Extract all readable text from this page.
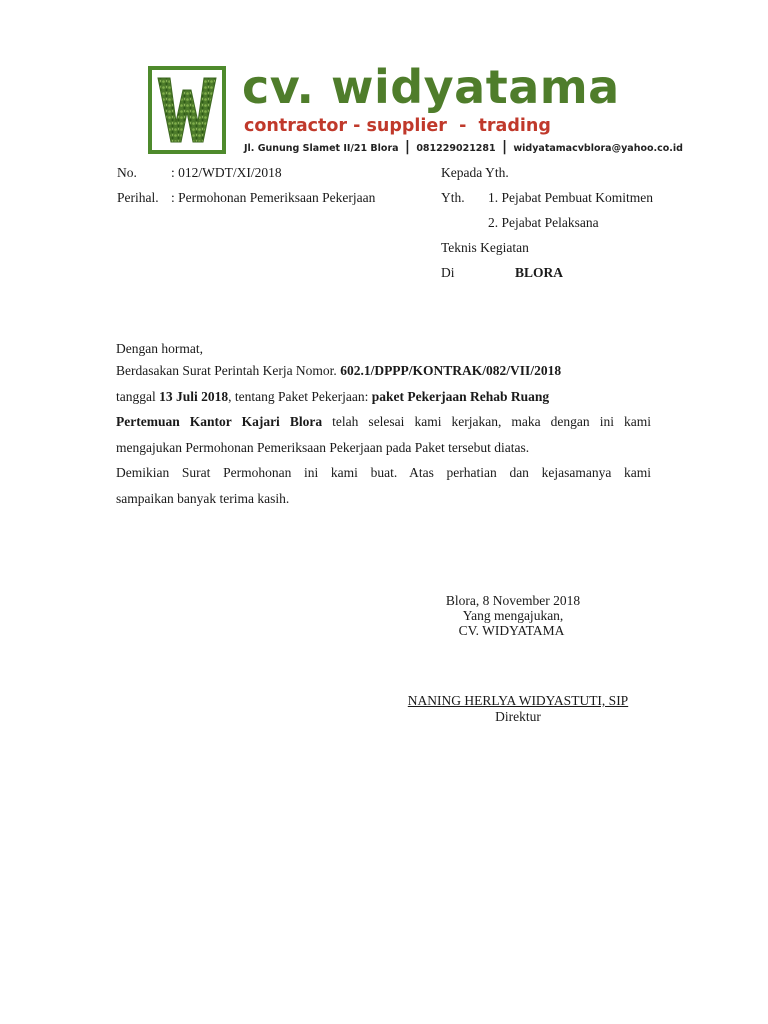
cv. widyatama
contractor - supplier  -  trading
Jl. Gunung Slamet II/21 Blora | 081229021281 | widyatamacvblora@yahoo.co.id
No.	: 012/WDT/XI/2018
Perihal. : Permohonan Pemeriksaan Pekerjaan
Kepada Yth.
Yth. 1. Pejabat Pembuat Komitmen
2. Pejabat Pelaksana
Teknis Kegiatan
Di	BLORA
Dengan hormat,
Berdasakan Surat Perintah Kerja Nomor. 602.1/DPPP/KONTRAK/082/VII/2018
tanggal 13 Juli 2018, tentang Paket Pekerjaan: paket Pekerjaan Rehab Ruang
Pertemuan Kantor Kajari Blora telah selesai kami kerjakan, maka dengan ini kami
mengajukan Permohonan Pemeriksaan Pekerjaan pada Paket tersebut diatas.
Demikian Surat Permohonan ini kami buat. Atas perhatian dan kejasamanya kami
sampaikan banyak terima kasih.
Blora, 8 November 2018
Yang mengajukan,
CV. WIDYATAMA
NANING HERLYA WIDYASTUTI, SIP
Direktur
